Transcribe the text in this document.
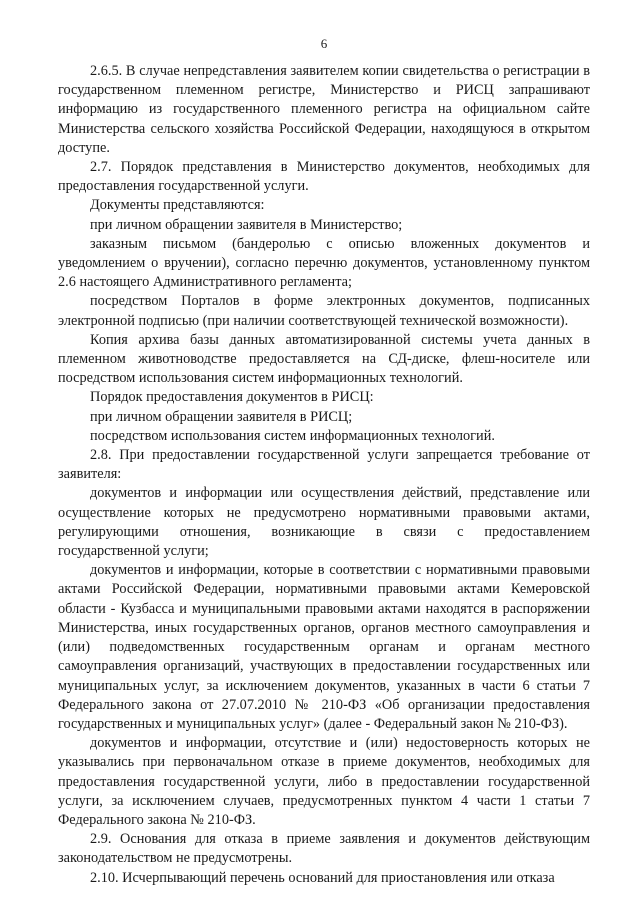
6

2.6.5. В случае непредставления заявителем копии свидетельства о регистрации в государственном племенном регистре, Министерство и РИСЦ запрашивают информацию из государственного племенного регистра на официальном сайте Министерства сельского хозяйства Российской Федерации, находящуюся в открытом доступе.

2.7. Порядок представления в Министерство документов, необходимых для предоставления государственной услуги.

Документы представляются:

при личном обращении заявителя в Министерство;

заказным письмом (бандеролью с описью вложенных документов и уведомлением о вручении), согласно перечню документов, установленному пунктом 2.6 настоящего Административного регламента;

посредством Порталов в форме электронных документов, подписанных электронной подписью (при наличии соответствующей технической возможности).

Копия архива базы данных автоматизированной системы учета данных в племенном животноводстве предоставляется на СД-диске, флеш-носителе или посредством использования систем информационных технологий.

Порядок предоставления документов в РИСЦ:

при личном обращении заявителя в РИСЦ;

посредством использования систем информационных технологий.

2.8. При предоставлении государственной услуги запрещается требование от заявителя:

документов и информации или осуществления действий, представление или осуществление которых не предусмотрено нормативными правовыми актами, регулирующими отношения, возникающие в связи с предоставлением государственной услуги;

документов и информации, которые в соответствии с нормативными правовыми актами Российской Федерации, нормативными правовыми актами Кемеровской области - Кузбасса и муниципальными правовыми актами находятся в распоряжении Министерства, иных государственных органов, органов местного самоуправления и (или) подведомственных государственным органам и органам местного самоуправления организаций, участвующих в предоставлении государственных или муниципальных услуг, за исключением документов, указанных в части 6 статьи 7 Федерального закона от 27.07.2010 № 210-ФЗ «Об организации предоставления государственных и муниципальных услуг» (далее - Федеральный закон № 210-ФЗ).

документов и информации, отсутствие и (или) недостоверность которых не указывались при первоначальном отказе в приеме документов, необходимых для предоставления государственной услуги, либо в предоставлении государственной услуги, за исключением случаев, предусмотренных пунктом 4 части 1 статьи 7 Федерального закона № 210-ФЗ.

2.9. Основания для отказа в приеме заявления и документов действующим законодательством не предусмотрены.

2.10. Исчерпывающий перечень оснований для приостановления или отказа
